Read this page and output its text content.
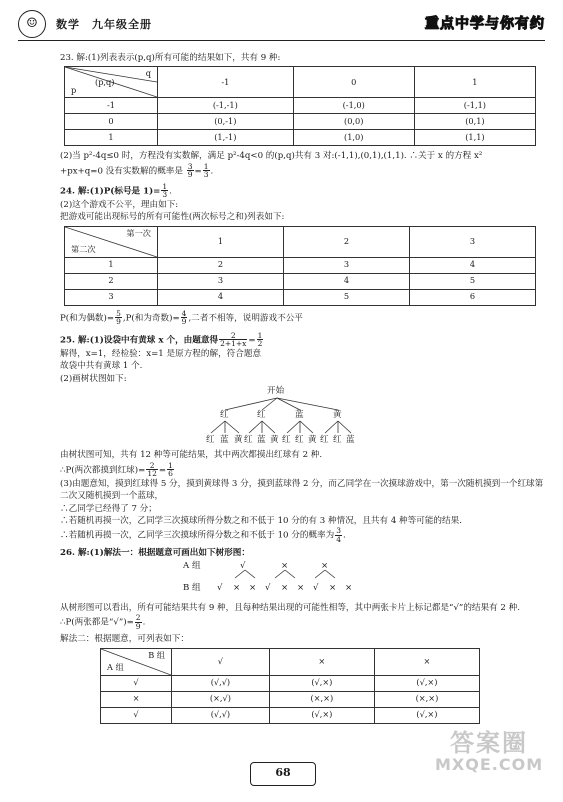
☺	数学　九年级全册	重点中学与你有约

23. 解:(1)列表表示(p,q)所有可能的结果如下，共有 9 种:

q
(p,q)
p	-1	0	1
-1	(-1,-1)	(-1,0)	(-1,1)
0	(0,-1)	(0,0)	(0,1)
1	(1,-1)	(1,0)	(1,1)

(2)当 p²-4q≤0 时，方程没有实数解，满足 p²-4q<0 的(p,q)共有 3 对:(-1,1),(0,1),(1,1). ∴关于 x 的方程 x²

+px+q=0 没有实数解的概率是 $\frac{3}{9} = \frac{1}{3}$ .

24. 解:(1)P(标号是 $1)= \frac{1}{3}$ .

(2)这个游戏不公平，理由如下:

把游戏可能出现标号的所有可能性(两次标号之和)列表如下:

第一次
第二次	1	2	3
1	2	3	4
2	3	4	5
3	4	5	6

P(和为偶数)= $\frac{5}{9} ,P$(和为奇数)= $\frac{4}{9}$ ,二者不相等，说明游戏不公平

25. 解:(1)设袋中有黄球 x 个，由题意得 $\frac{2}{2+1+x} = \frac{1}{2}$

解得，x=1，经检验：x=1 是原方程的解，符合题意

故袋中共有黄球 1 个.

(2)画树状图如下:

开始
红	红	蓝	黄
红 蓝 黄 红 蓝 黄 红 红 黄 红 红 蓝

由树状图可知，共有 12 种等可能结果，其中两次都摸出红球有 2 种.

∴P(两次都摸到红球)= $\frac{2}{12} = \frac{1}{6}$

(3)由题意知，摸到红球得 5 分，摸到黄球得 3 分，摸到蓝球得 2 分，而乙同学在一次摸球游戏中，第一次随机摸到一个红球第

二次又随机摸到一个蓝球，

∴乙同学已经得了 7 分；

∴若随机再摸一次，乙同学三次摸球所得分数之和不低于 10 分的有 3 种情况，且共有 4 种等可能的结果.

∴若随机再摸一次，乙同学三次摸球所得分数之和不低于 10 分的概率为 $\frac{3}{4}$ .

26. 解:(1)解法一：根据题意可画出如下树形图：

A 组	√	×	×
B 组 √ × × √ × × √ × ×

从树形图可以看出，所有可能结果共有 9 种，且每种结果出现的可能性相等，其中两张卡片上标记都是“√”的结果有 2 种.

∴P(两张都是“√”)= $\frac{2}{9}$ .

解法二：根据题意，可列表如下：

B 组
A 组	√	×	×
√	(√,√)	(√,×)	(√,×)
×	(×,√)	(×,×)	(×,×)
√	(√,√)	(√,×)	(√,×)
68
答案圈
MXQE.COM
